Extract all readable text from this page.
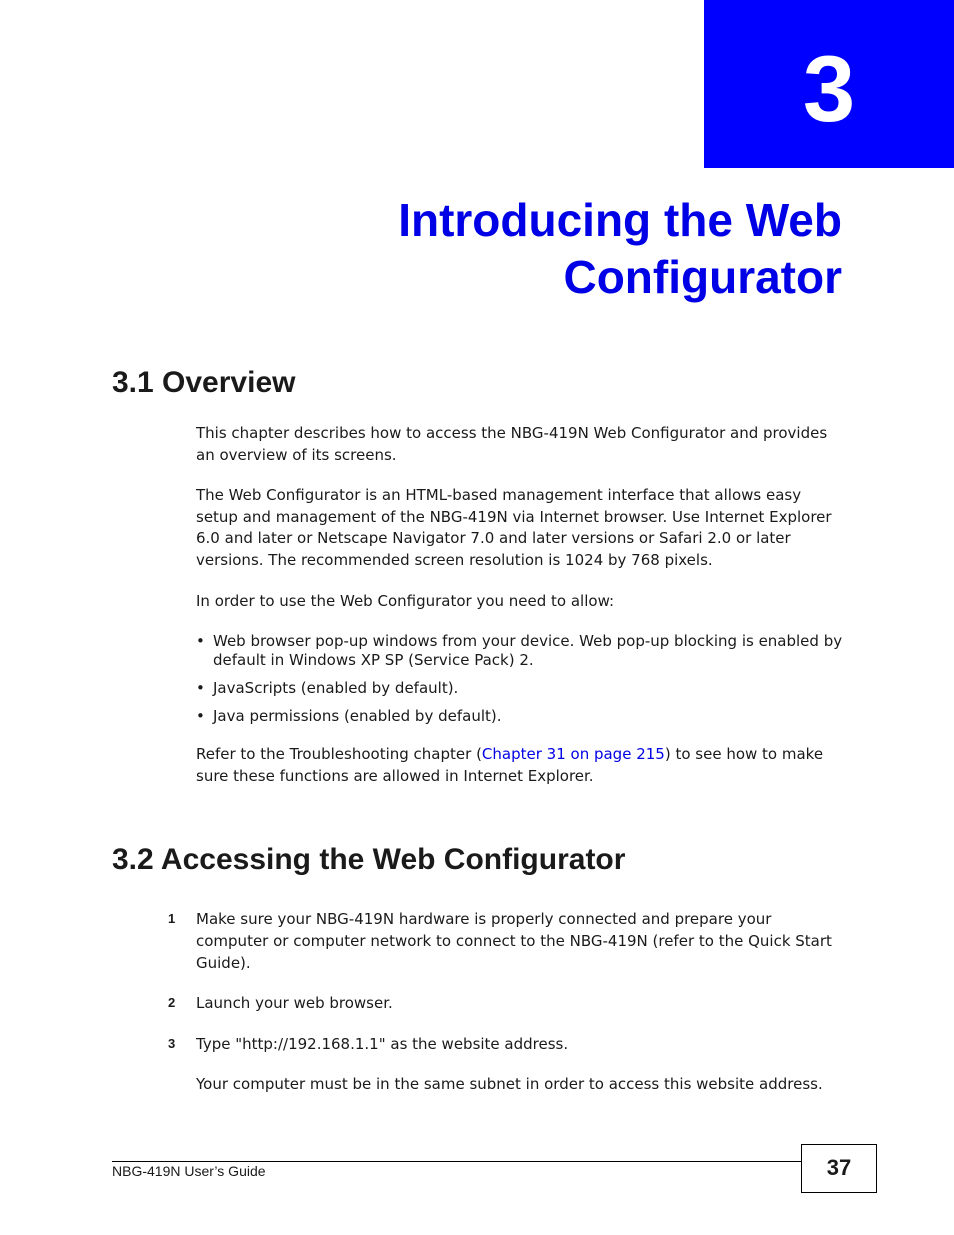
3
Introducing the Web
Configurator
3.1 Overview

This chapter describes how to access the NBG-419N Web Configurator and provides an overview of its screens.

The Web Configurator is an HTML-based management interface that allows easy setup and management of the NBG-419N via Internet browser. Use Internet Explorer 6.0 and later or Netscape Navigator 7.0 and later versions or Safari 2.0 or later versions. The recommended screen resolution is 1024 by 768 pixels.

In order to use the Web Configurator you need to allow:

• Web browser pop-up windows from your device. Web pop-up blocking is enabled by default in Windows XP SP (Service Pack) 2.
• JavaScripts (enabled by default).
• Java permissions (enabled by default).

Refer to the Troubleshooting chapter (Chapter 31 on page 215) to see how to make sure these functions are allowed in Internet Explorer.

3.2 Accessing the Web Configurator
1 Make sure your NBG-419N hardware is properly connected and prepare your computer or computer network to connect to the NBG-419N (refer to the Quick Start Guide).
2 Launch your web browser.
3 Type "http://192.168.1.1" as the website address.

Your computer must be in the same subnet in order to access this website address.

NBG-419N User’s Guide	37
